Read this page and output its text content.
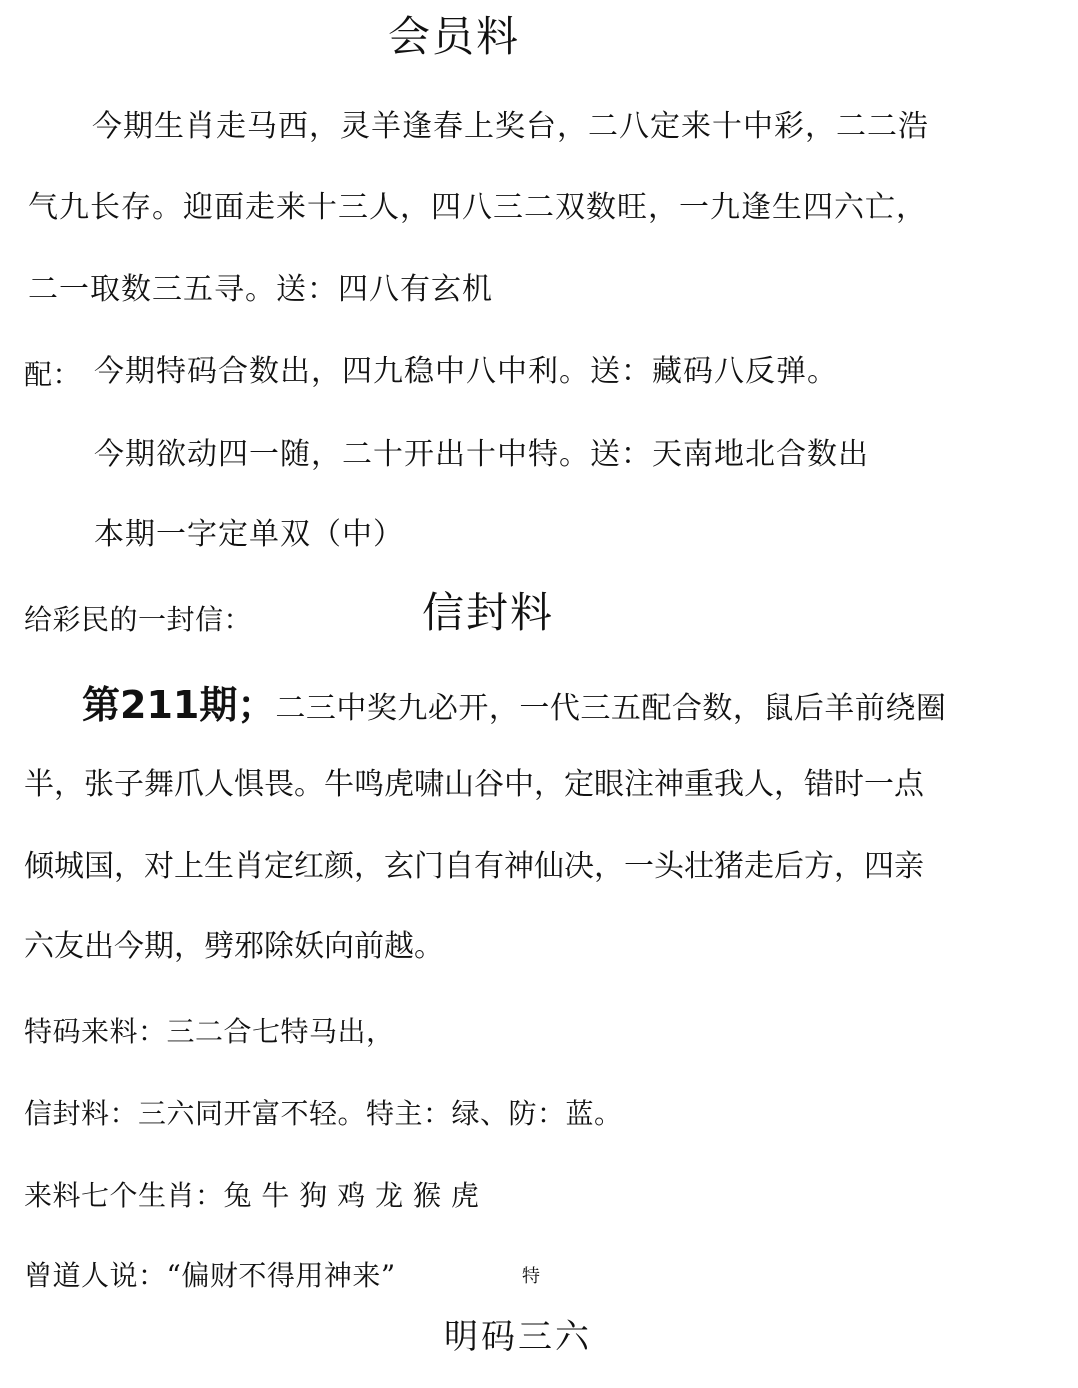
会员料
今期生肖走马西，灵羊逢春上奖台，二八定来十中彩，二二浩
气九长存。迎面走来十三人，四八三二双数旺，一九逢生四六亡，
二一取数三五寻。送：四八有玄机
配： 今期特码合数出，四九稳中八中利。送：藏码八反弹。
今期欲动四一随，二十开出十中特。送：天南地北合数出
本期一字定单双（中）
给彩民的一封信：	信封料
第211期；二三中奖九必开，一代三五配合数，鼠后羊前绕圈
半，张子舞爪人惧畏。牛鸣虎啸山谷中，定眼注神重我人，错时一点
倾城国，对上生肖定红颜，玄门自有神仙决，一头壮猪走后方，四亲
六友出今期，劈邪除妖向前越。
特码来料：三二合七特马出，
信封料：三六同开富不轻。特主：绿、防：蓝。
来料七个生肖：兔 牛 狗 鸡 龙 猴 虎
曾道人说：“偏财不得用神来”	特
明码三六
